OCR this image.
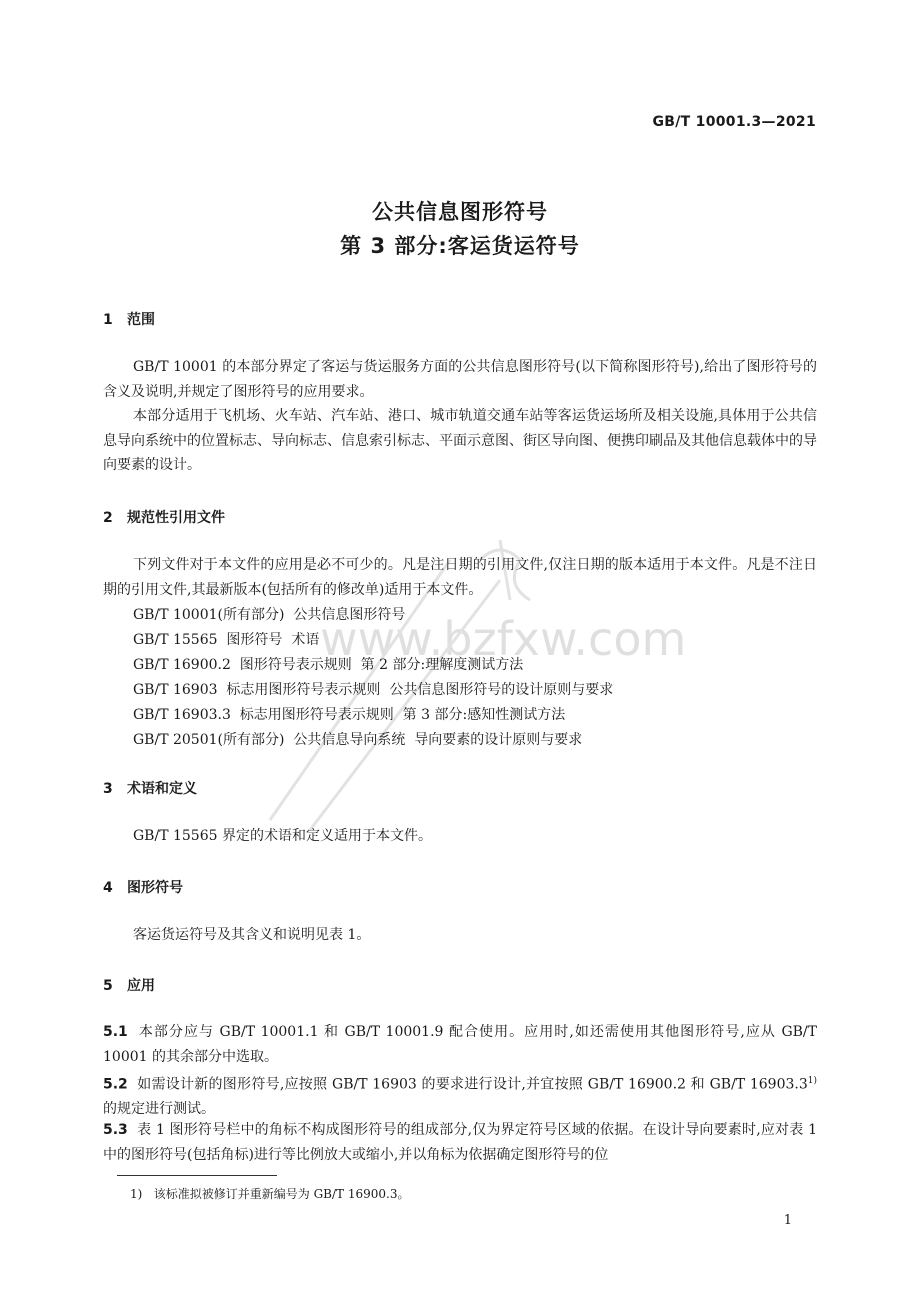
GB/T 10001.3—2021
公共信息图形符号
第 3 部分:客运货运符号
1 范围
GB/T 10001 的本部分界定了客运与货运服务方面的公共信息图形符号(以下简称图形符号),给出了图形符号的含义及说明,并规定了图形符号的应用要求。
本部分适用于飞机场、火车站、汽车站、港口、城市轨道交通车站等客运货运场所及相关设施,具体用于公共信息导向系统中的位置标志、导向标志、信息索引标志、平面示意图、街区导向图、便携印刷品及其他信息载体中的导向要素的设计。
2 规范性引用文件
下列文件对于本文件的应用是必不可少的。凡是注日期的引用文件,仅注日期的版本适用于本文件。凡是不注日期的引用文件,其最新版本(包括所有的修改单)适用于本文件。
GB/T 10001(所有部分)  公共信息图形符号
GB/T 15565  图形符号  术语
GB/T 16900.2  图形符号表示规则  第 2 部分:理解度测试方法
GB/T 16903  标志用图形符号表示规则  公共信息图形符号的设计原则与要求
GB/T 16903.3  标志用图形符号表示规则  第 3 部分:感知性测试方法
GB/T 20501(所有部分)  公共信息导向系统  导向要素的设计原则与要求
3 术语和定义
GB/T 15565 界定的术语和定义适用于本文件。
4 图形符号
客运货运符号及其含义和说明见表 1。
5 应用
5.1 本部分应与 GB/T 10001.1 和 GB/T 10001.9 配合使用。应用时,如还需使用其他图形符号,应从 GB/T 10001 的其余部分中选取。
5.2 如需设计新的图形符号,应按照 GB/T 16903 的要求进行设计,并宜按照 GB/T 16900.2 和 GB/T 16903.3$^{1)}$ 的规定进行测试。
5.3 表 1 图形符号栏中的角标不构成图形符号的组成部分,仅为界定符号区域的依据。在设计导向要素时,应对表 1 中的图形符号(包括角标)进行等比例放大或缩小,并以角标为依据确定图形符号的位
1)   该标准拟被修订并重新编号为 GB/T 16900.3。
1
www.bzfxw.com
